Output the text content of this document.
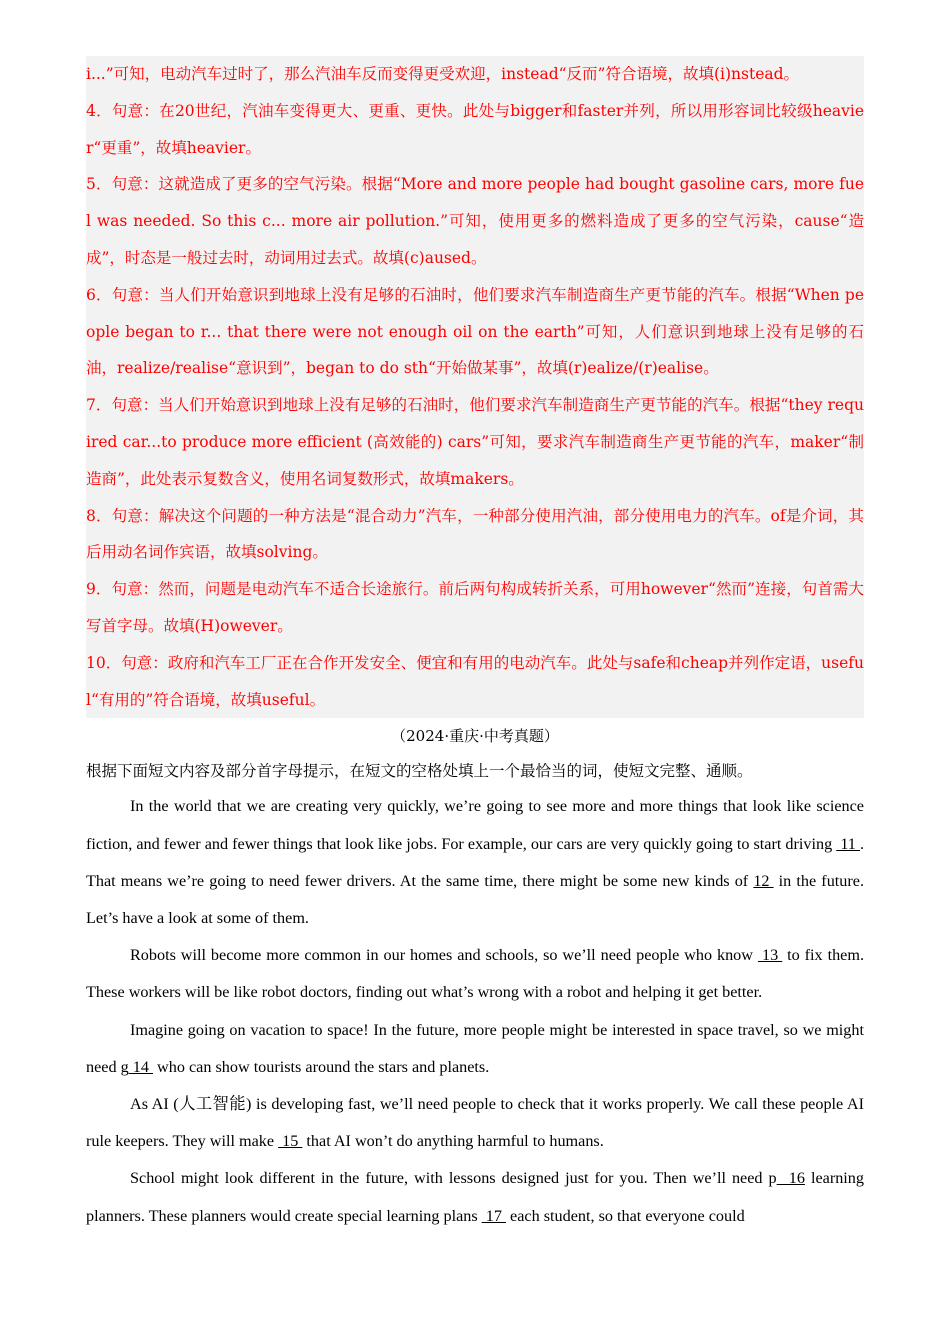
i...”可知，电动汽车过时了，那么汽油车反而变得更受欢迎，instead“反而”符合语境，故填(i)nstead。

4．句意：在20世纪，汽油车变得更大、更重、更快。此处与bigger和faster并列，所以用形容词比较级heavier“更重”，故填heavier。

5．句意：这就造成了更多的空气污染。根据“More and more people had bought gasoline cars, more fuel was needed. So this c... more air pollution.”可知，使用更多的燃料造成了更多的空气污染，cause“造成”，时态是一般过去时，动词用过去式。故填(c)aused。

6．句意：当人们开始意识到地球上没有足够的石油时，他们要求汽车制造商生产更节能的汽车。根据“When people began to r... that there were not enough oil on the earth”可知，人们意识到地球上没有足够的石油，realize/realise“意识到”，began to do sth“开始做某事”，故填(r)ealize/(r)ealise。

7．句意：当人们开始意识到地球上没有足够的石油时，他们要求汽车制造商生产更节能的汽车。根据“they required car...to produce more efficient (高效能的) cars”可知，要求汽车制造商生产更节能的汽车，maker“制造商”，此处表示复数含义，使用名词复数形式，故填makers。

8．句意：解决这个问题的一种方法是“混合动力”汽车，一种部分使用汽油，部分使用电力的汽车。of是介词，其后用动名词作宾语，故填solving。

9．句意：然而，问题是电动汽车不适合长途旅行。前后两句构成转折关系，可用however“然而”连接，句首需大写首字母。故填(H)owever。

10．句意：政府和汽车工厂正在合作开发安全、便宜和有用的电动汽车。此处与safe和cheap并列作定语，useful“有用的”符合语境，故填useful。

（2024·重庆·中考真题）

根据下面短文内容及部分首字母提示，在短文的空格处填上一个最恰当的词，使短文完整、通顺。

In the world that we are creating very quickly, we’re going to see more and more things that look like science fiction, and fewer and fewer things that look like jobs. For example, our cars are very quickly going to start driving  11 . That means we’re going to need fewer drivers. At the same time, there might be some new kinds of 12  in the future. Let’s have a look at some of them.

Robots will become more common in our homes and schools, so we’ll need people who know  13  to fix them. These workers will be like robot doctors, finding out what’s wrong with a robot and helping it get better.

Imagine going on vacation to space! In the future, more people might be interested in space travel, so we might need g 14  who can show tourists around the stars and planets.

As AI (人工智能) is developing fast, we’ll need people to check that it works properly. We call these people AI rule keepers. They will make  15  that AI won’t do anything harmful to humans.

School might look different in the future, with lessons designed just for you. Then we’ll need p   16 learning planners. These planners would create special learning plans  17  each student, so that everyone could
